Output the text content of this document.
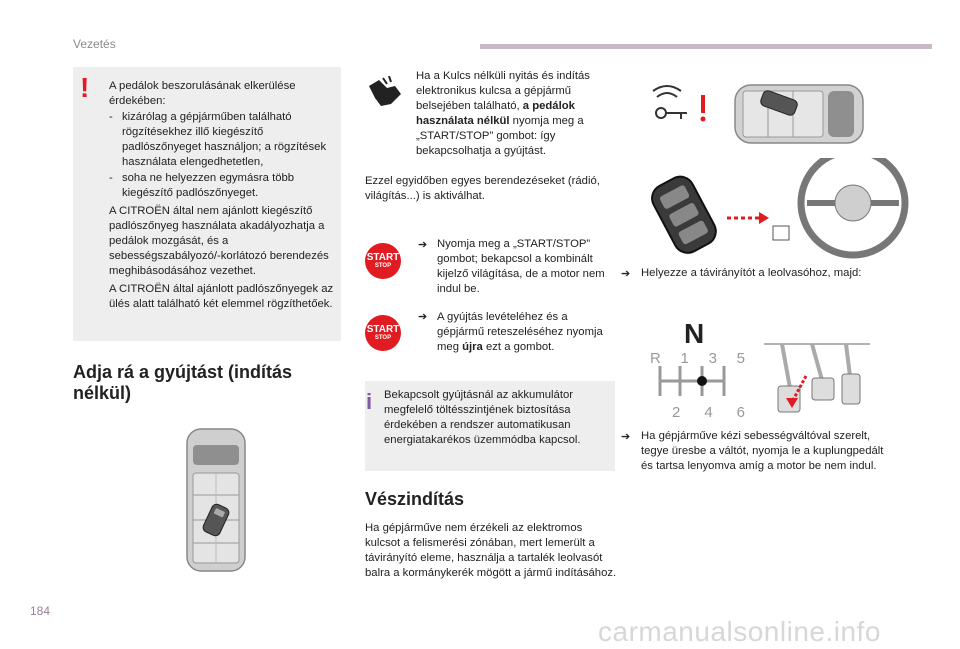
Vezetés
! A pedálok beszorulásának elkerülése érdekében:
- kizárólag a gépjárműben található rögzítésekhez illő kiegészítő padlószőnyeget használjon; a rögzítések használata elengedhetetlen,
- soha ne helyezzen egymásra több kiegészítő padlószőnyeget.
A CITROËN által nem ajánlott kiegészítő padlószőnyeg használata akadályozhatja a pedálok mozgását, és a sebességszabályozó/-korlátozó berendezés meghibásodásához vezethet.
A CITROËN által ajánlott padlószőnyegek az ülés alatt található két elemmel rögzíthetőek.
Adja rá a gyújtást (indítás nélkül)
Ha a Kulcs nélküli nyitás és indítás elektronikus kulcsa a gépjármű belsejében található, a pedálok használata nélkül nyomja meg a „START/STOP” gombot: így bekapcsolhatja a gyújtást.
Ezzel egyidőben egyes berendezéseket (rádió, világítás...) is aktiválhat.
START
STOP
➔ Nyomja meg a „START/STOP” gombot; bekapcsol a kombinált kijelző világítása, de a motor nem indul be.
START
STOP
➔ A gyújtás levételéhez és a gépjármű reteszeléséhez nyomja meg újra ezt a gombot.
i Bekapcsolt gyújtásnál az akkumulátor megfelelő töltésszintjének biztosítása érdekében a rendszer automatikusan energiatakarékos üzemmódba kapcsol.
Vészindítás
Ha gépjárműve nem érzékeli az elektromos kulcsot a felismerési zónában, mert lemerült a távirányító eleme, használja a tartalék leolvasót balra a kormánykerék mögött a jármű indításához.
➔ Helyezze a távirányítót a leolvasóhoz, majd:
N
R 1 3 5
2 4 6
➔ Ha gépjárműve kézi sebességváltóval szerelt, tegye üresbe a váltót, nyomja le a kuplungpedált és tartsa lenyomva amíg a motor be nem indul.
184
carmanualsonline.info
